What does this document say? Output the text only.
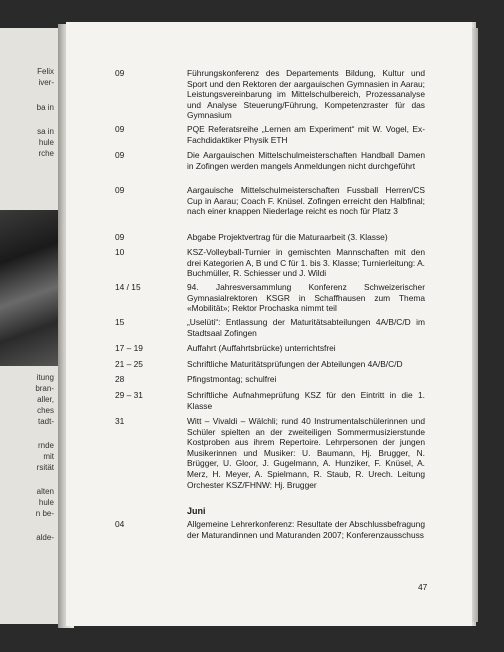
Felix
iver-
ba in
sa in
hule
rche
itung
bran-
aller,
ches
tadt-
rnde
mit
rsität
alten
hule
n be-
alde-
09	Führungskonferenz des Departements Bildung, Kultur und Sport und den Rektoren der aargauischen Gymnasien in Aarau; Leistungsvereinbarung im Mittelschulbereich, Prozessanalyse und Analyse Steuerung/Führung, Kompetenzraster für das Gymnasium
09	PQE Referatsreihe „Lernen am Experiment“ mit W. Vogel, Ex-Fachdidaktiker Physik ETH
09	Die Aargauischen Mittelschulmeisterschaften Handball Damen in Zofingen werden mangels Anmeldungen nicht durchgeführt
09	Aargauische Mittelschulmeisterschaften Fussball Herren/CS Cup in Aarau; Coach F. Knüsel. Zofingen erreicht den Halbfinal; nach einer knappen Niederlage reicht es noch für Platz 3
09	Abgabe Projektvertrag für die Maturaarbeit (3. Klasse)
10	KSZ-Volleyball-Turnier in gemischten Mannschaften mit den drei Kategorien A, B und C für 1. bis 3. Klasse; Turnierleitung: A. Buchmüller, R. Schiesser und J. Wildi
14 / 15	94. Jahresversammlung Konferenz Schweizerischer Gymnasialrektoren KSGR in Schaffhausen zum Thema «Mobilität»; Rektor Prochaska nimmt teil
15	„Uselüti“: Entlassung der Maturitätsabteilungen 4A/B/C/D im Stadtsaal Zofingen
17 – 19	Auffahrt (Auffahrtsbrücke) unterrichtsfrei
21 – 25	Schriftliche Maturitätsprüfungen der Abteilungen 4A/B/C/D
28	Pfingstmontag; schulfrei
29 – 31	Schriftliche Aufnahmeprüfung KSZ für den Eintritt in die 1. Klasse
31	Witt – Vivaldi – Wälchli; rund 40 Instrumentalschülerinnen und Schüler spielten an der zweiteiligen Sommermusizierstunde Kostproben aus ihrem Repertoire. Lehrpersonen der jungen Musikerinnen und Musiker: U. Baumann, Hj. Brugger, N. Brügger, U. Gloor, J. Gugelmann, A. Hunziker, F. Knüsel, A. Merz, H. Meyer, A. Spielmann, R. Staub, R. Urech. Leitung Orchester KSZ/FHNW: Hj. Brugger
Juni
04	Allgemeine Lehrerkonferenz: Resultate der Abschlussbefragung der Maturandinnen und Maturanden 2007; Konferenzausschuss
47
